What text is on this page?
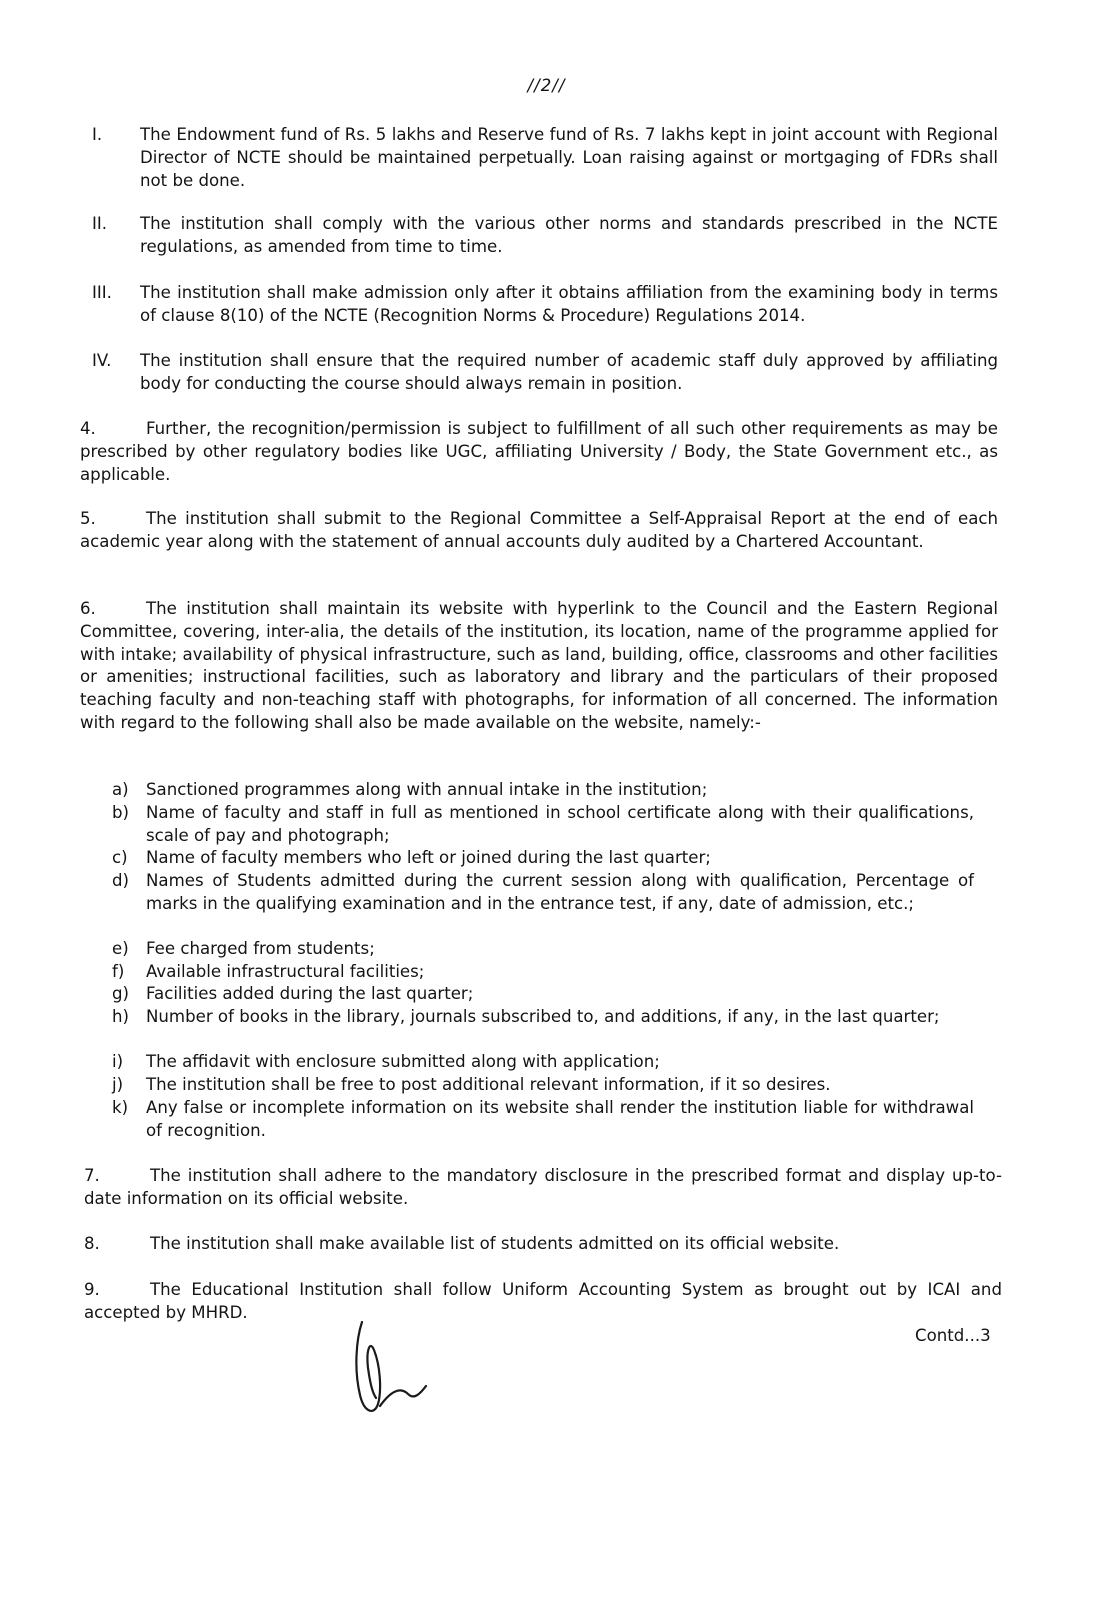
//2//
I. The Endowment fund of Rs. 5 lakhs and Reserve fund of Rs. 7 lakhs kept in joint account with Regional Director of NCTE should be maintained perpetually. Loan raising against or mortgaging of FDRs shall not be done.
II. The institution shall comply with the various other norms and standards prescribed in the NCTE regulations, as amended from time to time.
III. The institution shall make admission only after it obtains affiliation from the examining body in terms of clause 8(10) of the NCTE (Recognition Norms & Procedure) Regulations 2014.
IV. The institution shall ensure that the required number of academic staff duly approved by affiliating body for conducting the course should always remain in position.
4.	Further, the recognition/permission is subject to fulfillment of all such other requirements as may be prescribed by other regulatory bodies like UGC, affiliating University / Body, the State Government etc., as applicable.
5.	The institution shall submit to the Regional Committee a Self-Appraisal Report at the end of each academic year along with the statement of annual accounts duly audited by a Chartered Accountant.
6.	The institution shall maintain its website with hyperlink to the Council and the Eastern Regional Committee, covering, inter-alia, the details of the institution, its location, name of the programme applied for with intake; availability of physical infrastructure, such as land, building, office, classrooms and other facilities or amenities; instructional facilities, such as laboratory and library and the particulars of their proposed teaching faculty and non-teaching staff with photographs, for information of all concerned. The information with regard to the following shall also be made available on the website, namely:-
a) Sanctioned programmes along with annual intake in the institution;
b) Name of faculty and staff in full as mentioned in school certificate along with their qualifications, scale of pay and photograph;
c) Name of faculty members who left or joined during the last quarter;
d) Names of Students admitted during the current session along with qualification, Percentage of marks in the qualifying examination and in the entrance test, if any, date of admission, etc.;
e) Fee charged from students;
f) Available infrastructural facilities;
g) Facilities added during the last quarter;
h) Number of books in the library, journals subscribed to, and additions, if any, in the last quarter;
i) The affidavit with enclosure submitted along with application;
j) The institution shall be free to post additional relevant information, if it so desires.
k) Any false or incomplete information on its website shall render the institution liable for withdrawal of recognition.
7.	The institution shall adhere to the mandatory disclosure in the prescribed format and display up-to-date information on its official website.
8.	The institution shall make available list of students admitted on its official website.
9.	The Educational Institution shall follow Uniform Accounting System as brought out by ICAI and accepted by MHRD.
Contd...3
